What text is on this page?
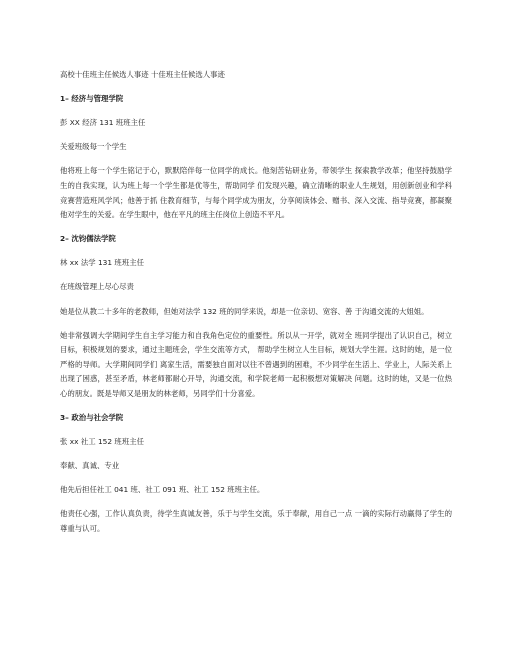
高校十佳班主任候选人事迹 十佳班主任候选人事迹

1– 经济与管理学院

彭 XX 经济 131 班班主任

关爱班级每一个学生

他将班上每一个学生铭记于心，默默陪伴每一位同学的成长。他刻苦钻研业务，带领学生 探索教学改革；他坚持鼓励学生的自我实现，认为班上每一个学生都是优等生，帮助同学 们发现兴趣，确立清晰的职业人生规划，用创新创业和学科竞赛营造班风学风；他善于抓 住教育细节，与每个同学成为朋友，分享阅读体会、赠书、深入交流、指导竞赛，都凝聚 他对学生的关爱。在学生眼中，他在平凡的班主任岗位上创造不平凡。

2– 沈钧儒法学院

林 xx 法学 131 班班主任

在班级管理上尽心尽责

她是位从教二十多年的老教师，但她对法学 132 班的同学来说，却是一位亲切、宽容、善 于沟通交流的大姐姐。

她非常强调大学期间学生自主学习能力和自我角色定位的重要性。所以从一开学，就对全 班同学提出了认识自己，树立目标，积极规划的要求，通过主题班会，学生交流等方式， 帮助学生树立人生目标，规划大学生涯。这时的她，是一位严格的导师。大学期间同学们 离家生活，需要独自面对以往不曾遇到的困难，不少同学在生活上、学业上，人际关系上 出现了困惑，甚至矛盾，林老师都耐心开导，沟通交流，和学院老师一起积极想对策解决 问题。这时的她，又是一位热心的朋友。既是导师又是朋友的林老师，另同学们十分喜爱。

3– 政治与社会学院

张 xx 社工 152 班班主任

奉献、真诚、专业

他先后担任社工 041 班、社工 091 班、社工 152 班班主任。

他责任心强，工作认真负责，待学生真诚友善，乐于与学生交流，乐于奉献，用自己一点 一滴的实际行动赢得了学生的尊重与认可。
